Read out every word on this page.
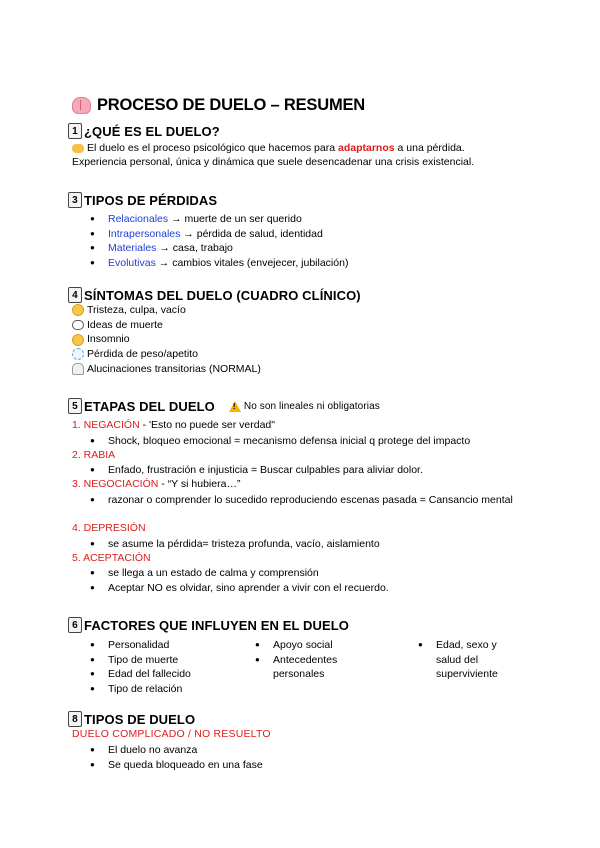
PROCESO DE DUELO – RESUMEN
1 ¿QUÉ ES EL DUELO?
El duelo es el proceso psicológico que hacemos para adaptarnos a una pérdida.
Experiencia personal, única y dinámica que suele desencadenar una crisis existencial.
3 TIPOS DE PÉRDIDAS
● Relacionales → muerte de un ser querido
● Intrapersonales → pérdida de salud, identidad
● Materiales → casa, trabajo
● Evolutivas → cambios vitales (envejecer, jubilación)
4 SÍNTOMAS DEL DUELO (CUADRO CLÍNICO)
Tristeza, culpa, vacío
Ideas de muerte
Insomnio
Pérdida de peso/apetito
Alucinaciones transitorias (NORMAL)
5 ETAPAS DEL DUELO
!	No son lineales ni obligatorias
1. NEGACIÓN - 'Esto no puede ser verdad"
● Shock, bloqueo emocional = mecanismo defensa inicial q protege del impacto
2. RABIA
● Enfado, frustración e injusticia = Buscar culpables para aliviar dolor.
3. NEGOCIACIÓN - “Y si hubiera…”
● razonar o comprender lo sucedido reproduciendo escenas pasada = Cansancio mental
4. DEPRESIÓN
● se asume la pérdida= tristeza profunda, vacío, aislamiento
5. ACEPTACIÓN
● se llega a un estado de calma y comprensión
● Aceptar NO es olvidar, sino aprender a vivir con el recuerdo.
6 FACTORES QUE INFLUYEN EN EL DUELO
● Personalidad
● Tipo de muerte
● Edad del fallecido
● Tipo de relación
● Apoyo social
● Antecedentes personales
● Edad, sexo y salud del superviviente
8 TIPOS DE DUELO
DUELO COMPLICADO / NO RESUELTO
● El duelo no avanza
● Se queda bloqueado en una fase
